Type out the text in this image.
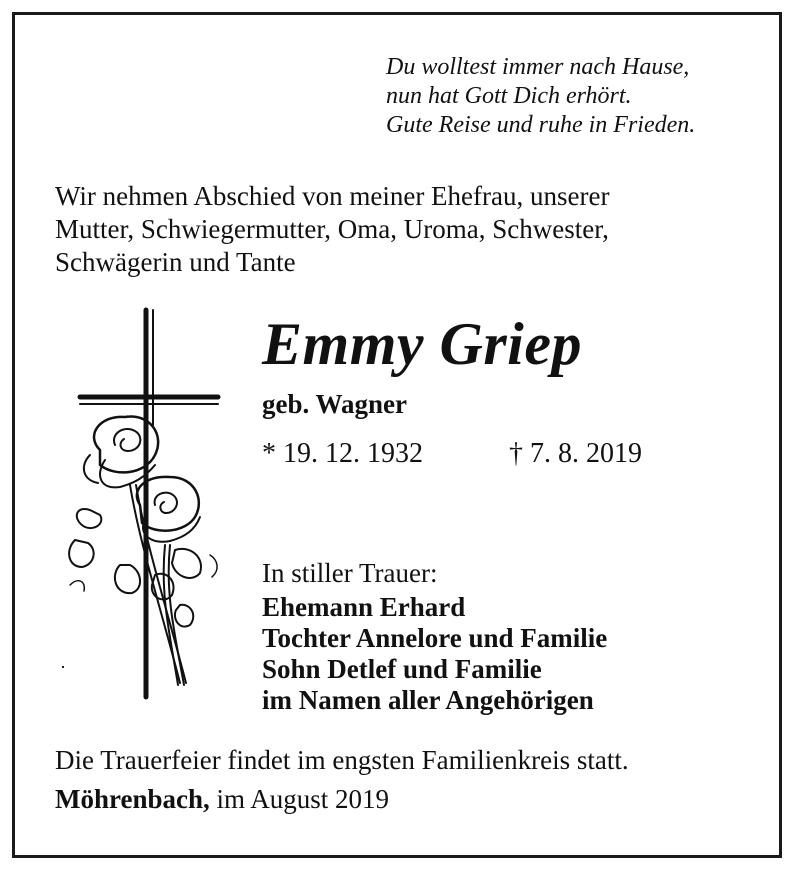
Du wolltest immer nach Hause,
nun hat Gott Dich erhört.
Gute Reise und ruhe in Frieden.
Wir nehmen Abschied von meiner Ehefrau, unserer
Mutter, Schwiegermutter, Oma, Uroma, Schwester,
Schwägerin und Tante
Emmy Griep
geb. Wagner
* 19. 12. 1932	† 7. 8. 2019
In stiller Trauer:
Ehemann Erhard
Tochter Annelore und Familie
Sohn Detlef und Familie
im Namen aller Angehörigen
Die Trauerfeier findet im engsten Familienkreis statt.
Möhrenbach, im August 2019
